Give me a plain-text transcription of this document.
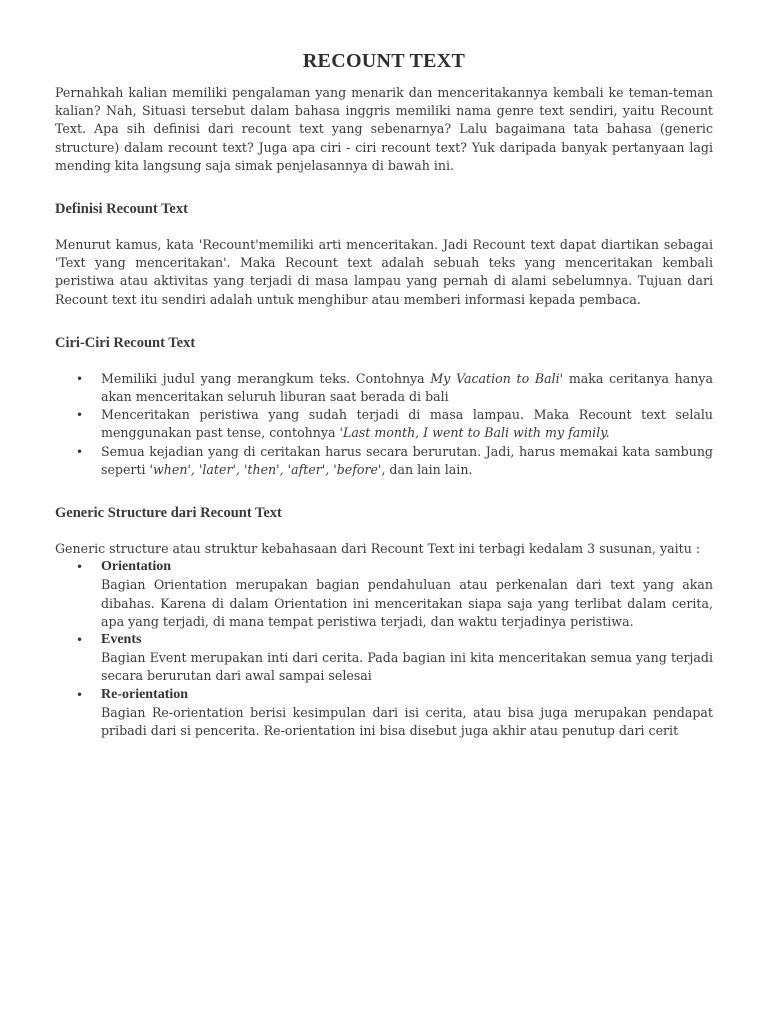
RECOUNT TEXT

Pernahkah kalian memiliki pengalaman yang menarik dan menceritakannya kembali ke teman-teman kalian? Nah, Situasi tersebut dalam bahasa inggris memiliki nama genre text sendiri, yaitu Recount Text. Apa sih definisi dari recount text yang sebenarnya? Lalu bagaimana tata bahasa (generic structure) dalam recount text? Juga apa ciri - ciri recount text? Yuk daripada banyak pertanyaan lagi mending kita langsung saja simak penjelasannya di bawah ini.

Definisi Recount Text

Menurut kamus, kata 'Recount'memiliki arti menceritakan. Jadi Recount text dapat diartikan sebagai 'Text yang menceritakan'. Maka Recount text adalah sebuah teks yang menceritakan kembali peristiwa atau aktivitas yang terjadi di masa lampau yang pernah di alami sebelumnya. Tujuan dari Recount text itu sendiri adalah untuk menghibur atau memberi informasi kepada pembaca.

Ciri-Ciri Recount Text
• Memiliki judul yang merangkum teks. Contohnya My Vacation to Bali' maka ceritanya hanya akan menceritakan seluruh liburan saat berada di bali
• Menceritakan peristiwa yang sudah terjadi di masa lampau. Maka Recount text selalu menggunakan past tense, contohnya 'Last month, I went to Bali with my family.
• Semua kejadian yang di ceritakan harus secara berurutan. Jadi, harus memakai kata sambung seperti 'when', 'later', 'then', 'after', 'before', dan lain lain.
Generic Structure dari Recount Text

Generic structure atau struktur kebahasaan dari Recount Text ini terbagi kedalam 3 susunan, yaitu :

• Orientation
Bagian Orientation merupakan bagian pendahuluan atau perkenalan dari text yang akan dibahas. Karena di dalam Orientation ini menceritakan siapa saja yang terlibat dalam cerita, apa yang terjadi, di mana tempat peristiwa terjadi, dan waktu terjadinya peristiwa.
• Events
Bagian Event merupakan inti dari cerita. Pada bagian ini kita menceritakan semua yang terjadi secara berurutan dari awal sampai selesai
• Re-orientation
Bagian Re-orientation berisi kesimpulan dari isi cerita, atau bisa juga merupakan pendapat pribadi dari si pencerita. Re-orientation ini bisa disebut juga akhir atau penutup dari cerit
